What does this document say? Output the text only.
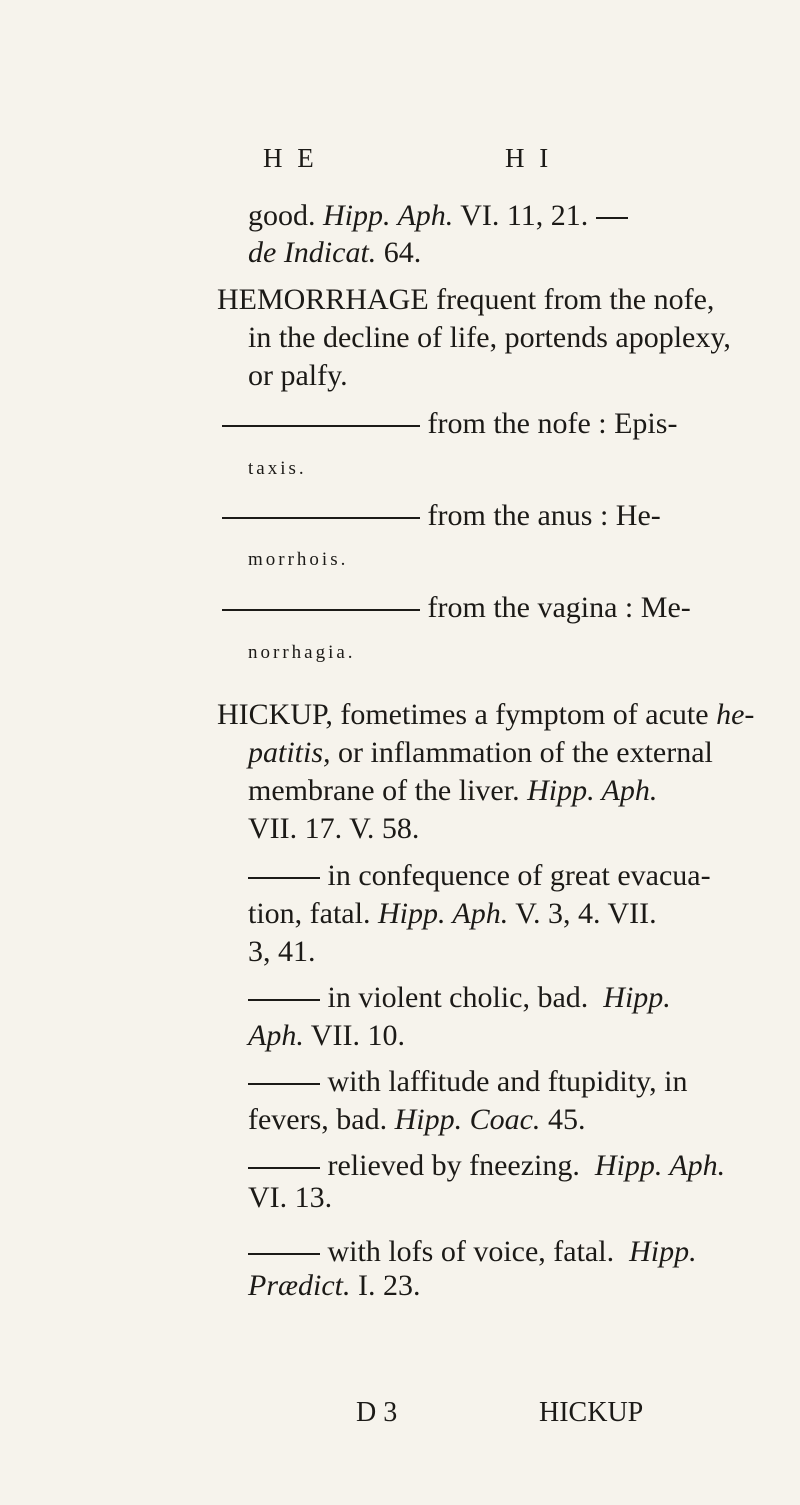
H E	H I
good. Hipp. Aph. VI. 11, 21.
de Indicat. 64.
HEMORRHAGE frequent from the nofe,
in the decline of life, portends apoplexy,
or palfy.
from the nofe : Epis-
taxis.
from the anus : He-
morrhois.
from the vagina : Me-
norrhagia.
HICKUP, fometimes a fymptom of acute he-
patitis, or inflammation of the external
membrane of the liver. Hipp. Aph.
VII. 17. V. 58.
in confequence of great evacua-
tion, fatal. Hipp. Aph. V. 3, 4. VII.
3, 41.
in violent cholic, bad. Hipp.
Aph. VII. 10.
with laffitude and ftupidity, in
fevers, bad. Hipp. Coac. 45.
relieved by fneezing. Hipp. Aph.
VI. 13.
with lofs of voice, fatal. Hipp.
Prædict. I. 23.
D 3	HICKUP
